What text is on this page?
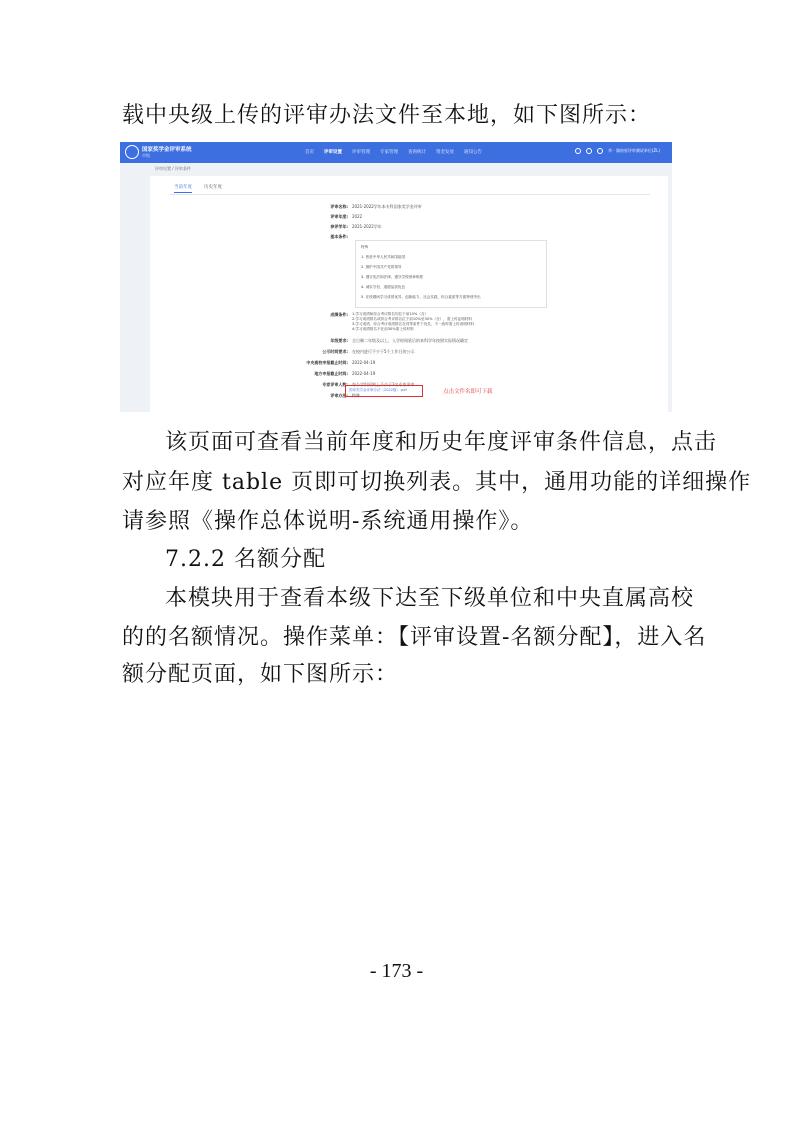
载中央级上传的评审办法文件至本地，如下图所示：
国家奖学金评审系统
市级
首页 评审设置 评审管理 专家管理 查询统计 资金发放 通知公告	李 · 湖南省评审测试单位(ZL)
评审设置 / 评审条件
当前年度	历史年度
评审名称: 2021-2022学年本专科国家奖学金评审
评审年度: 2022
参评学年: 2021-2022学年
基本条件:
特殊
1. 热爱中华人民共和国祖国
2. 拥护中国共产党的领导
3. 遵守宪法和法律，遵守学校规章制度
4. 诚实守信，道德品质优良
5. 在校期间学习成绩优异，创新能力、社会实践、综合素质等方面特别突出
成绩条件: 1.学习成绩和综合考评排名均位于前10%（含）
2.学习成绩排名或综合考评排名位于前10%至30%（含），需上传证明材料
3.学习成绩、综合考评成绩排名在同等条件下优先，不一致时需上传说明材料
4.学习成绩排名不在前30%需上传材料
年级要求: 全日制二年级及以上，入学时间延后的本科学年按照实际情况确定
公示时间要求: 在校内进行不少于5个工作日的公示
中央高校申报截止时间: 2022-04-19
地方申报截止时间: 2022-04-19
专家评审人数: 每个学科原则上不少于3名专家评审
评审办法: 特殊
国家奖学金评审办法（2022版）.pdf	点击文件名即可下载
该页面可查看当前年度和历史年度评审条件信息，点击
对应年度 table 页即可切换列表。其中，通用功能的详细操作
请参照《操作总体说明-系统通用操作》。
7.2.2 名额分配
本模块用于查看本级下达至下级单位和中央直属高校
的的名额情况。操作菜单：【评审设置-名额分配】，进入名
额分配页面，如下图所示：
- 173 -
